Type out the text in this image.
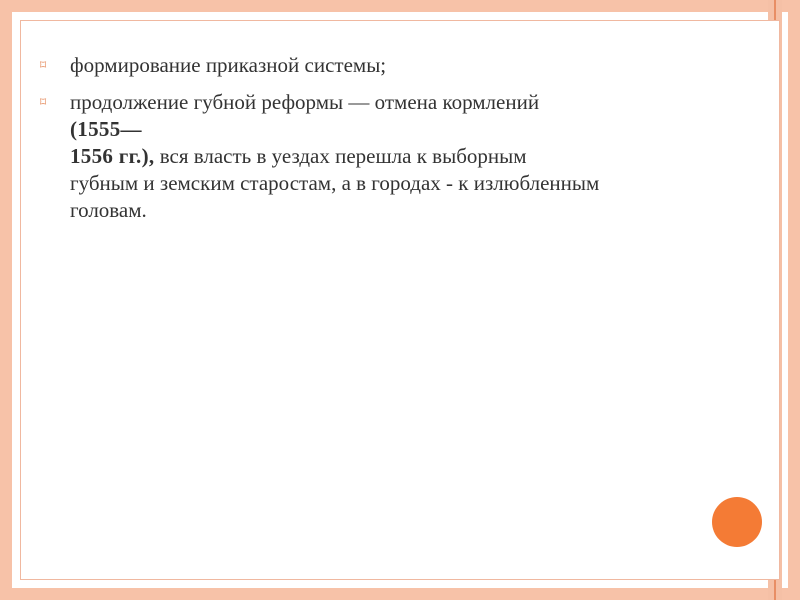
⌑ формирование приказной системы;
⌑ продолжение губной реформы — отмена кормлений
(1555—
1556 гг.), вся власть в уездах перешла к выборным
губным и земским старостам, а в городах - к излюбленным
головам.
